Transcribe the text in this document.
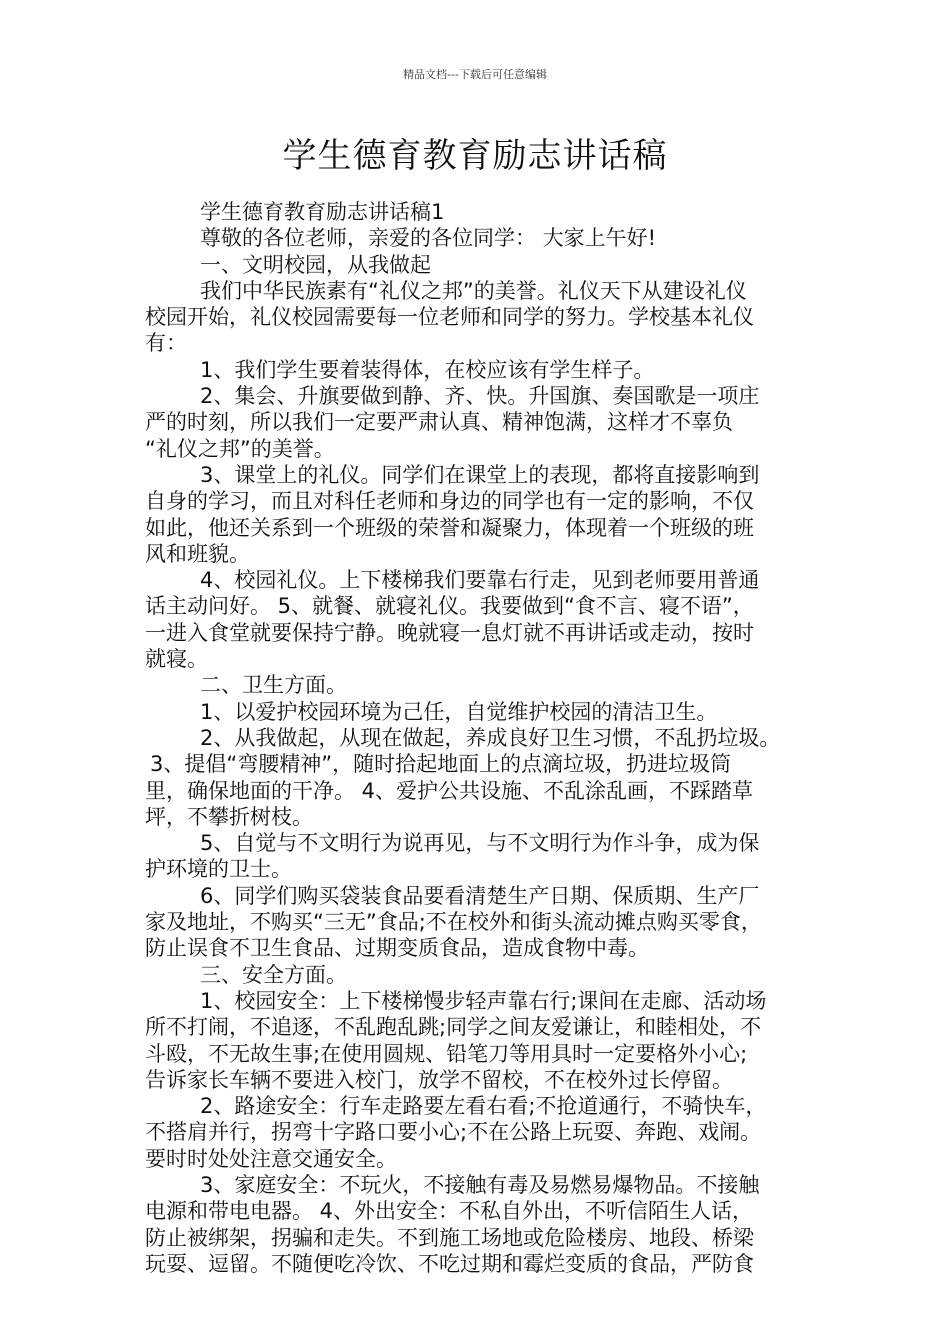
精品文档---下载后可任意编辑
学生德育教育励志讲话稿
学生德育教育励志讲话稿1
尊敬的各位老师，亲爱的各位同学： 大家上午好!
一、文明校园，从我做起
我们中华民族素有“礼仪之邦”的美誉。礼仪天下从建设礼仪
校园开始，礼仪校园需要每一位老师和同学的努力。学校基本礼仪
有：
1、我们学生要着装得体，在校应该有学生样子。
2、集会、升旗要做到静、齐、快。升国旗、奏国歌是一项庄
严的时刻，所以我们一定要严肃认真、精神饱满，这样才不辜负
“礼仪之邦”的美誉。
3、课堂上的礼仪。同学们在课堂上的表现，都将直接影响到
自身的学习，而且对科任老师和身边的同学也有一定的影响，不仅
如此，他还关系到一个班级的荣誉和凝聚力，体现着一个班级的班
风和班貌。
4、校园礼仪。上下楼梯我们要靠右行走，见到老师要用普通
话主动问好。 5、就餐、就寝礼仪。我要做到“食不言、寝不语”，
一进入食堂就要保持宁静。晚就寝一息灯就不再讲话或走动，按时
就寝。
二、卫生方面。
1、以爱护校园环境为己任，自觉维护校园的清洁卫生。
2、从我做起，从现在做起，养成良好卫生习惯，不乱扔垃圾。
3、提倡“弯腰精神”，随时拾起地面上的点滴垃圾，扔进垃圾筒
里，确保地面的干净。 4、爱护公共设施、不乱涂乱画，不踩踏草
坪，不攀折树枝。
5、自觉与不文明行为说再见，与不文明行为作斗争，成为保
护环境的卫士。
6、同学们购买袋装食品要看清楚生产日期、保质期、生产厂
家及地址，不购买“三无”食品;不在校外和街头流动摊点购买零食，
防止误食不卫生食品、过期变质食品，造成食物中毒。
三、安全方面。
1、校园安全：上下楼梯慢步轻声靠右行;课间在走廊、活动场
所不打闹，不追逐，不乱跑乱跳;同学之间友爱谦让，和睦相处，不
斗殴，不无故生事;在使用圆规、铅笔刀等用具时一定要格外小心;
告诉家长车辆不要进入校门，放学不留校，不在校外过长停留。
2、路途安全：行车走路要左看右看;不抢道通行，不骑快车，
不搭肩并行，拐弯十字路口要小心;不在公路上玩耍、奔跑、戏闹。
要时时处处注意交通安全。
3、家庭安全：不玩火，不接触有毒及易燃易爆物品。不接触
电源和带电电器。 4、外出安全：不私自外出，不听信陌生人话，
防止被绑架，拐骗和走失。不到施工场地或危险楼房、地段、桥梁
玩耍、逗留。不随便吃冷饮、不吃过期和霉烂变质的食品，严防食
